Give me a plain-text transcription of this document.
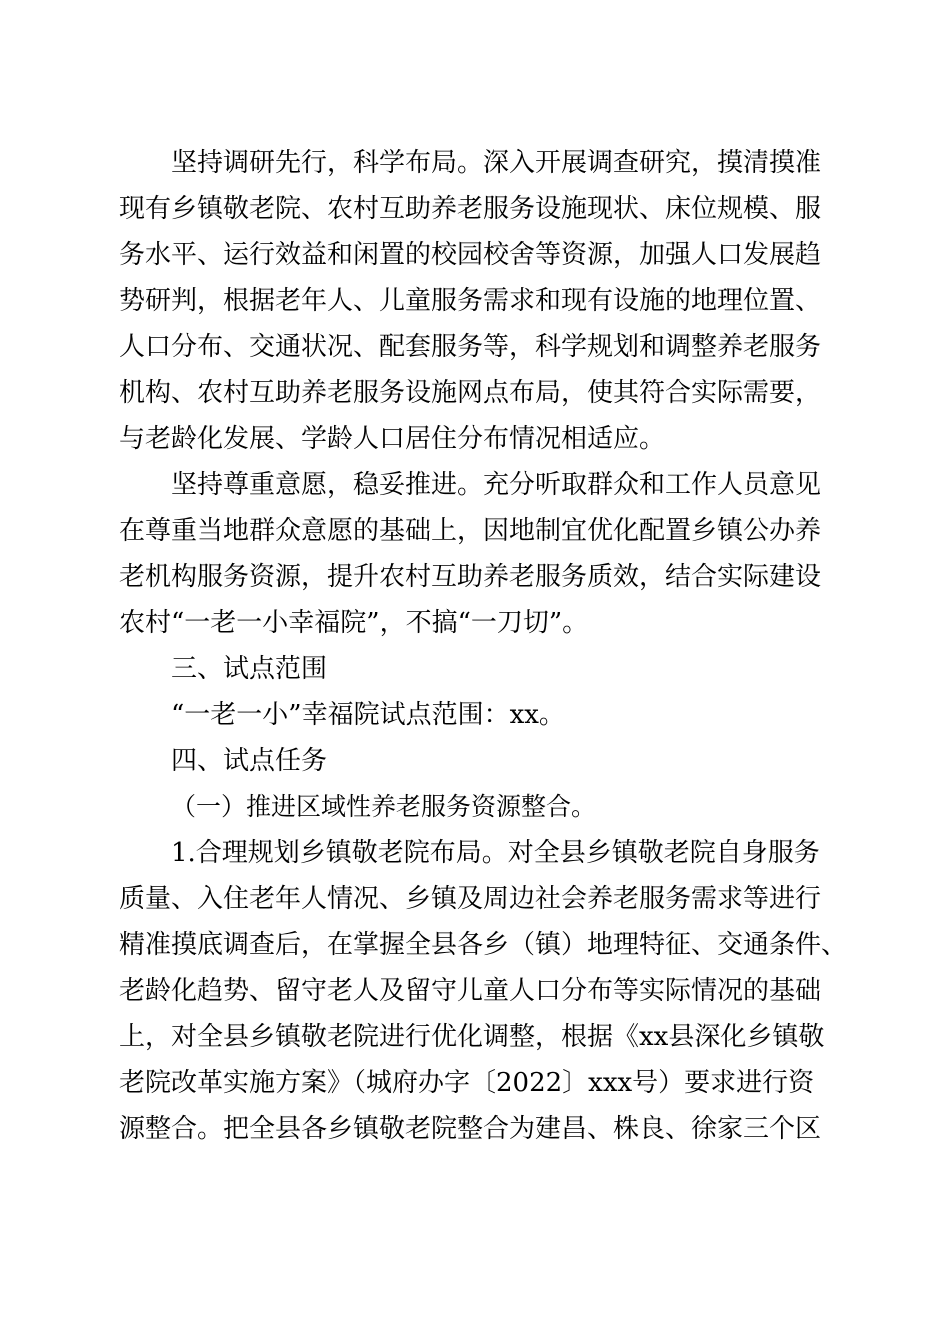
坚持调研先行，科学布局。深入开展调查研究，摸清摸准
现有乡镇敬老院、农村互助养老服务设施现状、床位规模、服
务水平、运行效益和闲置的校园校舍等资源，加强人口发展趋
势研判，根据老年人、儿童服务需求和现有设施的地理位置、
人口分布、交通状况、配套服务等，科学规划和调整养老服务
机构、农村互助养老服务设施网点布局，使其符合实际需要，
与老龄化发展、学龄人口居住分布情况相适应。

坚持尊重意愿，稳妥推进。充分听取群众和工作人员意见
在尊重当地群众意愿的基础上，因地制宜优化配置乡镇公办养
老机构服务资源，提升农村互助养老服务质效，结合实际建设
农村“一老一小幸福院”，不搞“一刀切”。

三、试点范围

“一老一小”幸福院试点范围：xx。

四、试点任务

（一）推进区域性养老服务资源整合。

1.合理规划乡镇敬老院布局。对全县乡镇敬老院自身服务
质量、入住老年人情况、乡镇及周边社会养老服务需求等进行
精准摸底调查后，在掌握全县各乡（镇）地理特征、交通条件、
老龄化趋势、留守老人及留守儿童人口分布等实际情况的基础
上，对全县乡镇敬老院进行优化调整，根据《xx县深化乡镇敬
老院改革实施方案》（城府办字〔2022〕xxx号）要求进行资
源整合。把全县各乡镇敬老院整合为建昌、株良、徐家三个区
